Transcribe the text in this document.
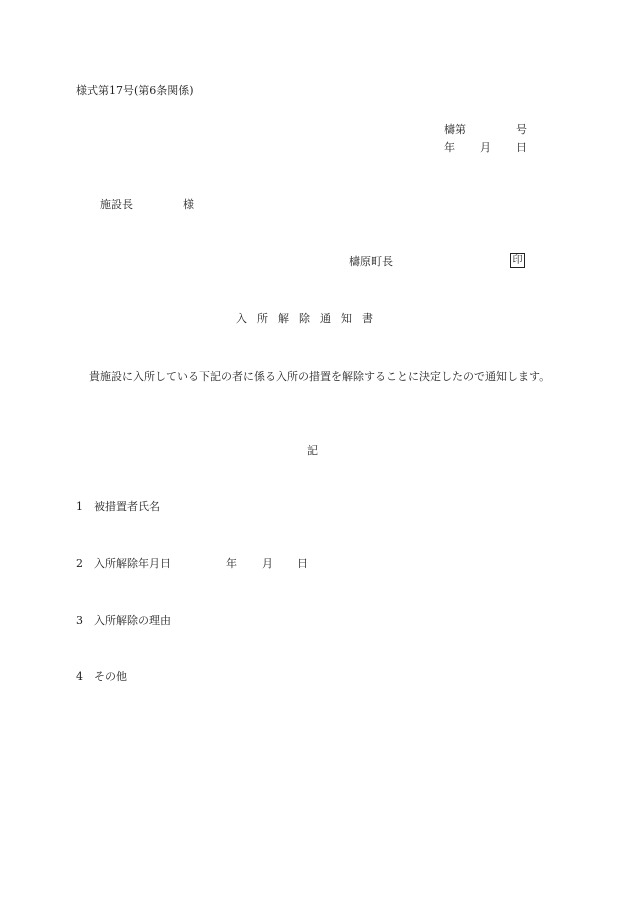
様式第17号(第6条関係)
檮第	号
年 月 日
施設長	様
檮原町長	印
入所解除通知書
貴施設に入所している下記の者に係る入所の措置を解除することに決定したので通知します。
記
1　被措置者氏名
2　入所解除年月日	年 月 日
3　入所解除の理由
4　その他
